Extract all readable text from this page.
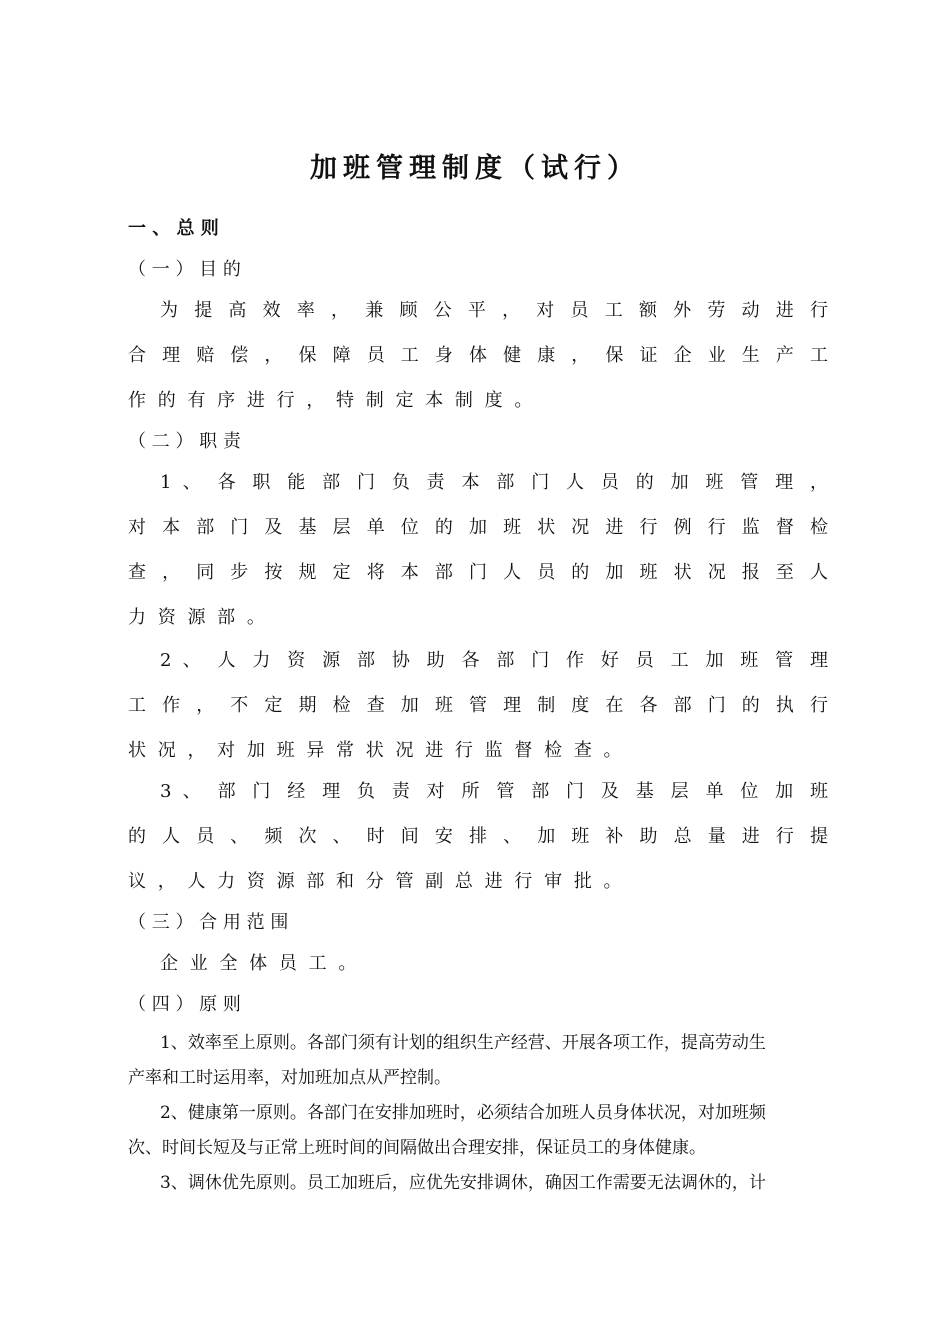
加班管理制度（试行）
一 、 总 则
（ 一 ） 目 的
为 提 高 效 率 ， 兼 顾 公 平 ， 对 员 工 额 外 劳 动 进 行
合 理 赔 偿 ， 保 障 员 工 身 体 健 康 ， 保 证 企 业 生 产 工
作 的 有 序 进 行 ， 特 制 定 本 制 度 。
（ 二 ） 职 责
1 、 各 职 能 部 门 负 责 本 部 门 人 员 的 加 班 管 理 ，
对 本 部 门 及 基 层 单 位 的 加 班 状 况 进 行 例 行 监 督 检
查 ， 同 步 按 规 定 将 本 部 门 人 员 的 加 班 状 况 报 至 人
力 资 源 部 。
2 、 人 力 资 源 部 协 助 各 部 门 作 好 员 工 加 班 管 理
工 作 ， 不 定 期 检 查 加 班 管 理 制 度 在 各 部 门 的 执 行
状 况 ， 对 加 班 异 常 状 况 进 行 监 督 检 查 。
3 、 部 门 经 理 负 责 对 所 管 部 门 及 基 层 单 位 加 班
的 人 员 、 频 次 、 时 间 安 排 、 加 班 补 助 总 量 进 行 提
议 ， 人 力 资 源 部 和 分 管 副 总 进 行 审 批 。
（ 三 ） 合 用 范 围
企 业 全 体 员 工 。
（ 四 ） 原 则
1、效率至上原则。各部门须有计划的组织生产经营、开展各项工作，提高劳动生
产率和工时运用率，对加班加点从严控制。
2、健康第一原则。各部门在安排加班时，必须结合加班人员身体状况，对加班频
次、时间长短及与正常上班时间的间隔做出合理安排，保证员工的身体健康。
3、调休优先原则。员工加班后，应优先安排调休，确因工作需要无法调休的，计
